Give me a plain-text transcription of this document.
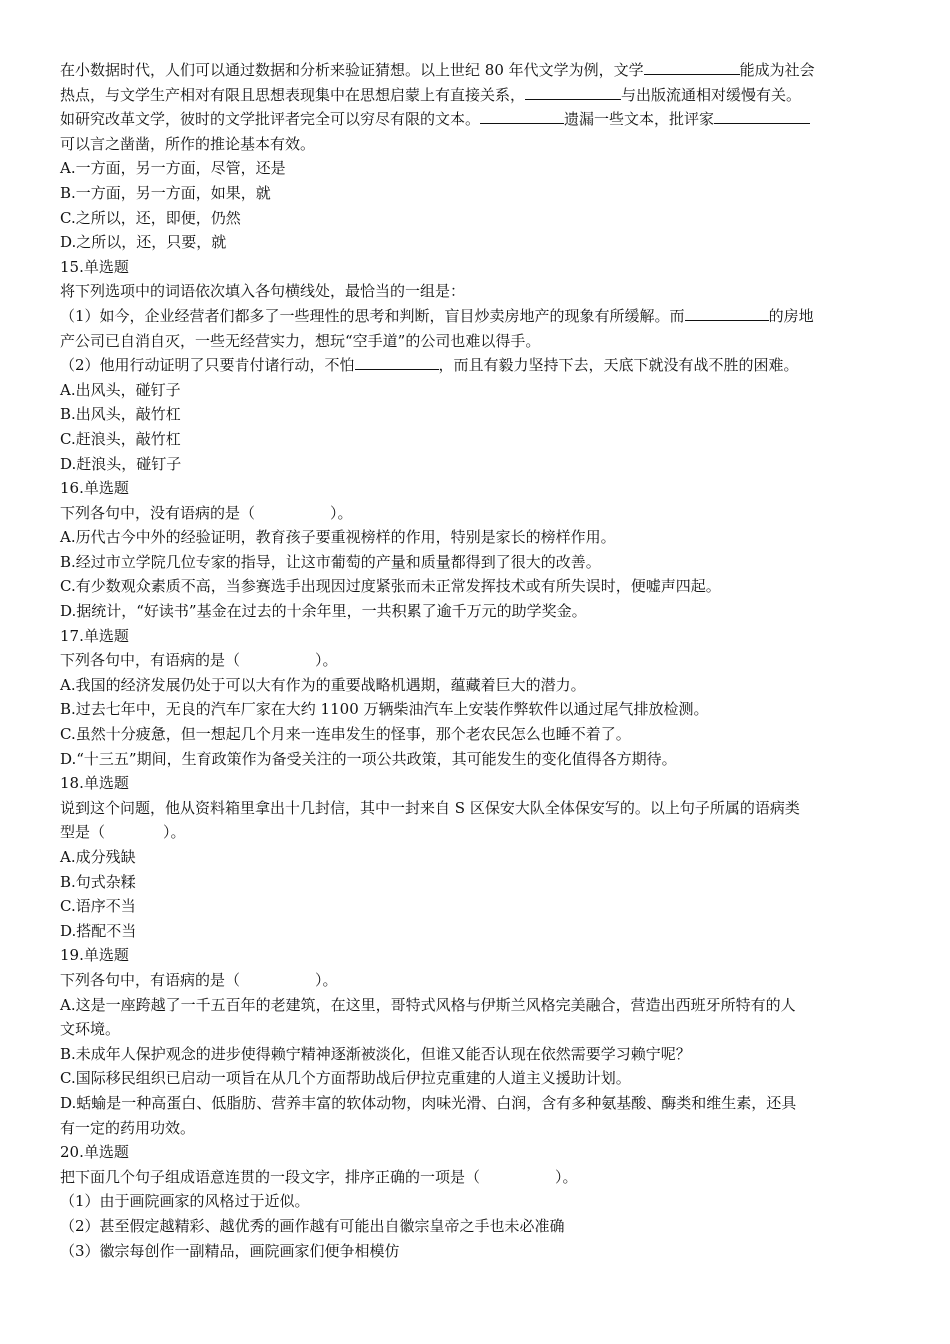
在小数据时代，人们可以通过数据和分析来验证猜想。以上世纪 80 年代文学为例，文学	能成为社会
热点，与文学生产相对有限且思想表现集中在思想启蒙上有直接关系，	与出版流通相对缓慢有关。
如研究改革文学，彼时的文学批评者完全可以穷尽有限的文本。	遗漏一些文本，批评家
可以言之凿凿，所作的推论基本有效。
A.一方面，另一方面，尽管，还是
B.一方面，另一方面，如果，就
C.之所以，还，即便，仍然
D.之所以，还，只要，就
15.单选题
将下列选项中的词语依次填入各句横线处，最恰当的一组是：
（1）如今，企业经营者们都多了一些理性的思考和判断，盲目炒卖房地产的现象有所缓解。而	的房地
产公司已自消自灭，一些无经营实力，想玩“空手道”的公司也难以得手。
（2）他用行动证明了只要肯付诸行动，不怕	，而且有毅力坚持下去，天底下就没有战不胜的困难。
A.出风头，碰钉子
B.出风头，敲竹杠
C.赶浪头，敲竹杠
D.赶浪头，碰钉子
16.单选题
下列各句中，没有语病的是（	）。
A.历代古今中外的经验证明，教育孩子要重视榜样的作用，特别是家长的榜样作用。
B.经过市立学院几位专家的指导，让这市葡萄的产量和质量都得到了很大的改善。
C.有少数观众素质不高，当参赛选手出现因过度紧张而未正常发挥技术或有所失误时，便嘘声四起。
D.据统计，“好读书”基金在过去的十余年里，一共积累了逾千万元的助学奖金。
17.单选题
下列各句中，有语病的是（	）。
A.我国的经济发展仍处于可以大有作为的重要战略机遇期，蕴藏着巨大的潜力。
B.过去七年中，无良的汽车厂家在大约 1100 万辆柴油汽车上安装作弊软件以通过尾气排放检测。
C.虽然十分疲惫，但一想起几个月来一连串发生的怪事，那个老农民怎么也睡不着了。
D.“十三五”期间，生育政策作为备受关注的一项公共政策，其可能发生的变化值得各方期待。
18.单选题
说到这个问题，他从资料箱里拿出十几封信，其中一封来自 S 区保安大队全体保安写的。以上句子所属的语病类
型是（	）。
A.成分残缺
B.句式杂糅
C.语序不当
D.搭配不当
19.单选题
下列各句中，有语病的是（	）。
A.这是一座跨越了一千五百年的老建筑，在这里，哥特式风格与伊斯兰风格完美融合，营造出西班牙所特有的人
文环境。
B.未成年人保护观念的进步使得赖宁精神逐渐被淡化，但谁又能否认现在依然需要学习赖宁呢？
C.国际移民组织已启动一项旨在从几个方面帮助战后伊拉克重建的人道主义援助计划。
D.蛞蝓是一种高蛋白、低脂肪、营养丰富的软体动物，肉味光滑、白润，含有多种氨基酸、酶类和维生素，还具
有一定的药用功效。
20.单选题
把下面几个句子组成语意连贯的一段文字，排序正确的一项是（	）。
（1）由于画院画家的风格过于近似。
（2）甚至假定越精彩、越优秀的画作越有可能出自徽宗皇帝之手也未必准确
（3）徽宗每创作一副精品，画院画家们便争相模仿
